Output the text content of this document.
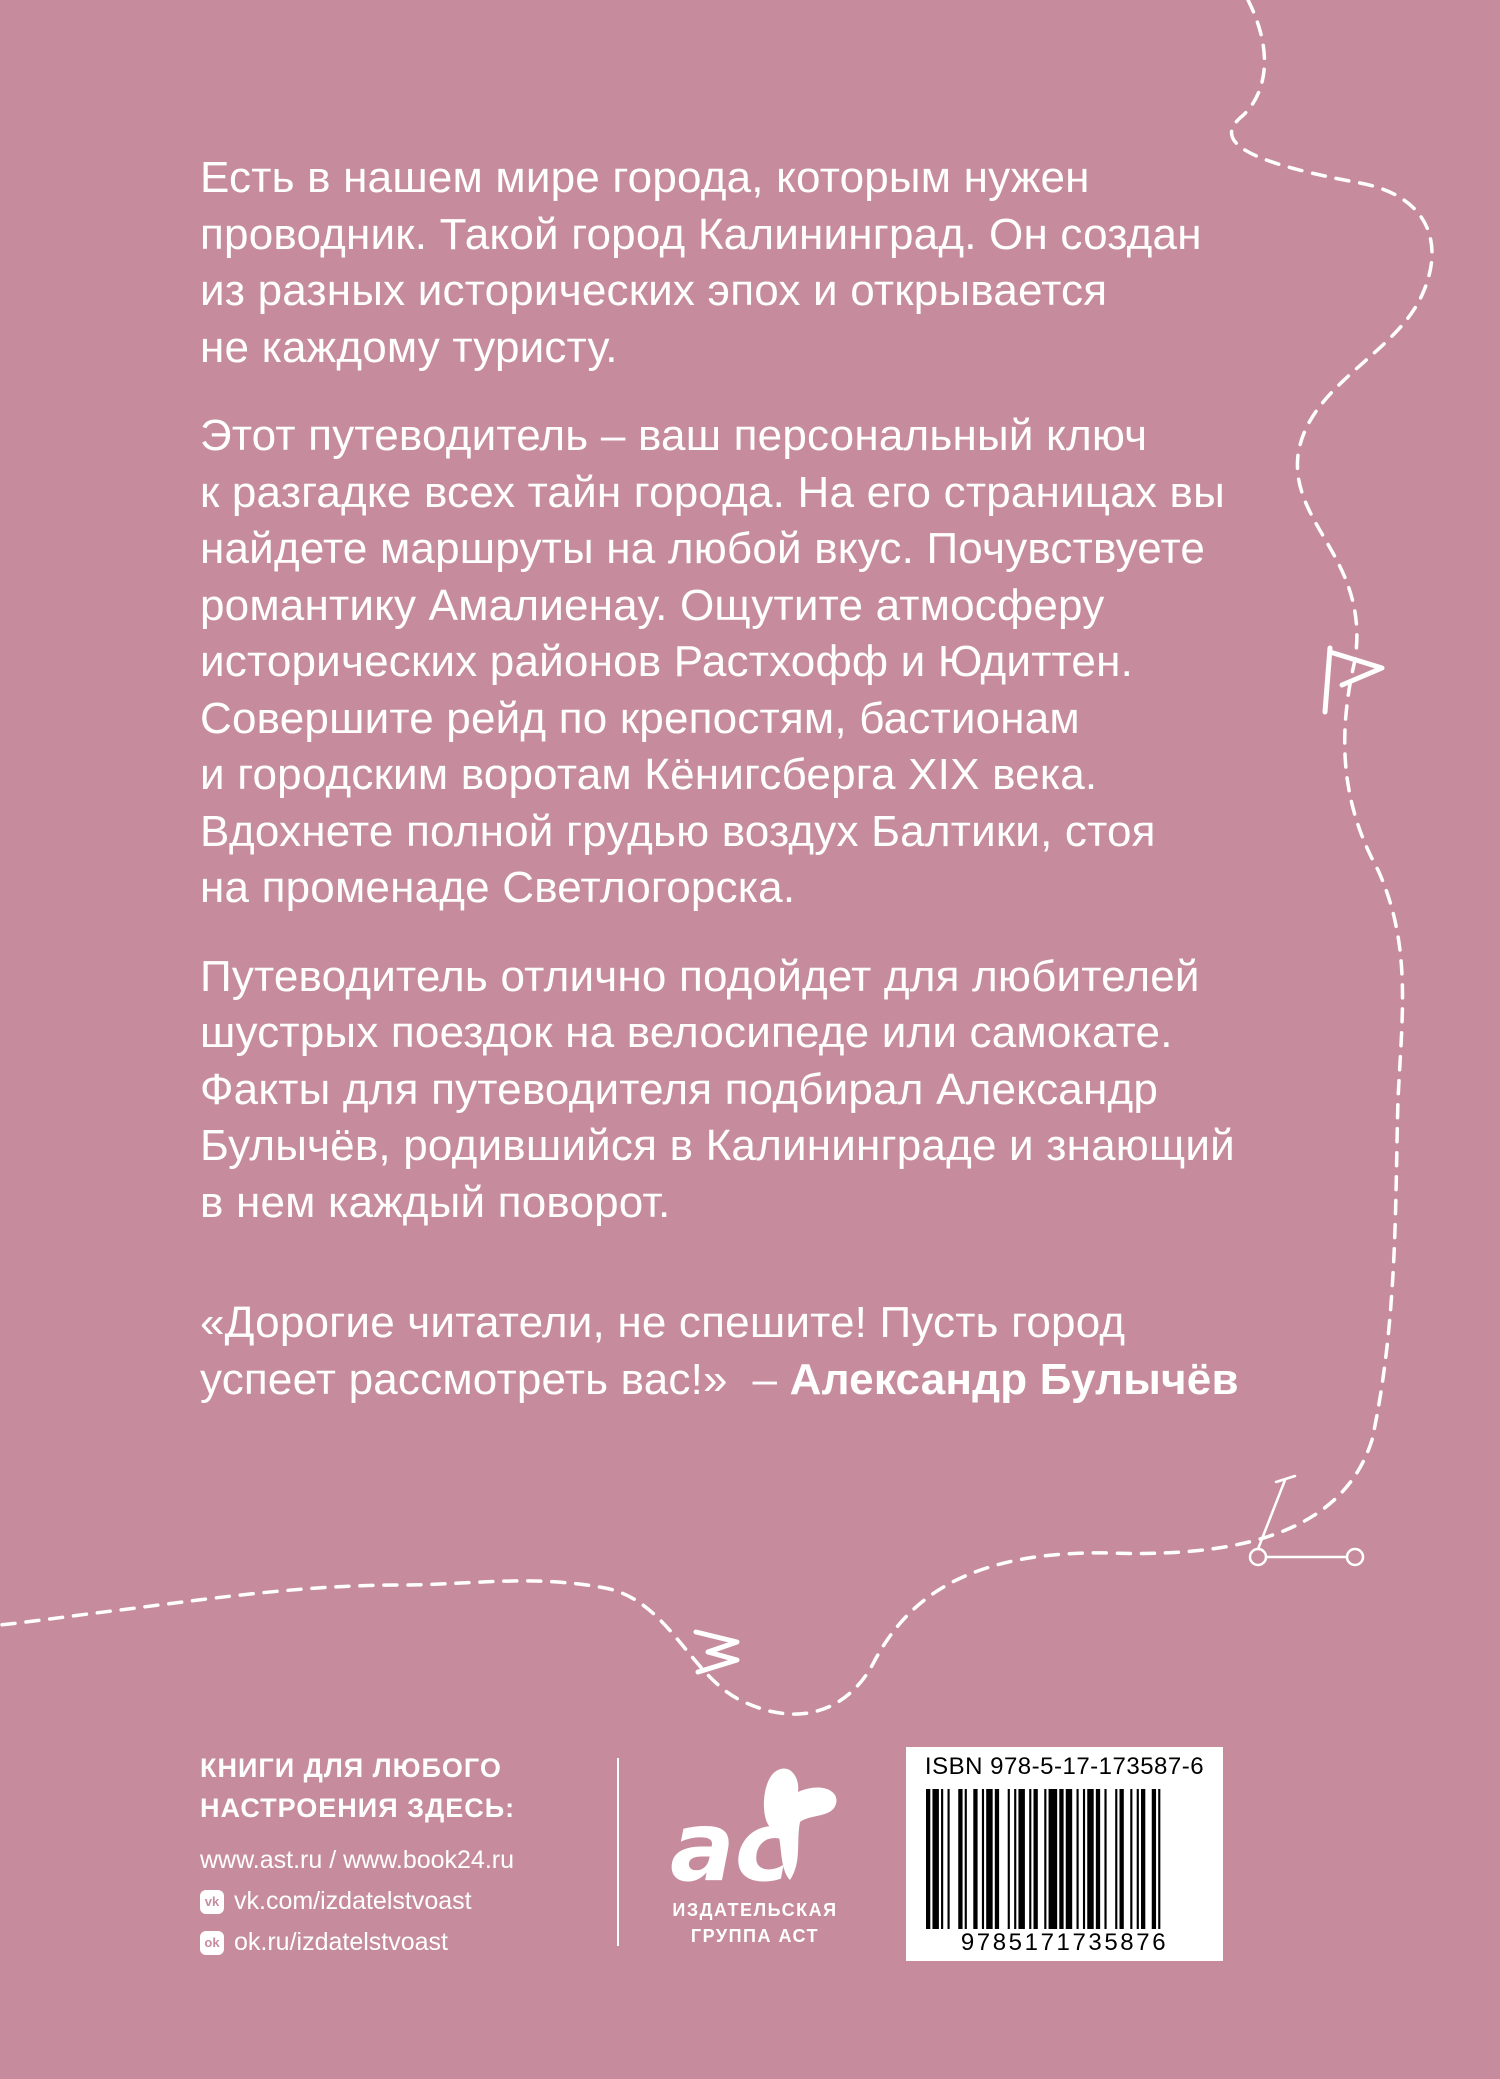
Есть в нашем мире города, которым нужен
проводник. Такой город Калининград. Он создан
из разных исторических эпох и открывается
не каждому туристу.

Этот путеводитель – ваш персональный ключ
к разгадке всех тайн города. На его страницах вы
найдете маршруты на любой вкус. Почувствуете
романтику Амалиенау. Ощутите атмосферу
исторических районов Растхофф и Юдиттен.
Совершите рейд по крепостям, бастионам
и городским воротам Кёнигсберга XIX века.
Вдохнете полной грудью воздух Балтики, стоя
на променаде Светлогорска.

Путеводитель отлично подойдет для любителей
шустрых поездок на велосипеде или самокате.
Факты для путеводителя подбирал Александр
Булычёв, родившийся в Калининграде и знающий
в нем каждый поворот.

«Дорогие читатели, не спешите! Пусть город
успеет рассмотреть вас!»  – Александр Булычёв

КНИГИ ДЛЯ ЛЮБОГО
НАСТРОЕНИЯ ЗДЕСЬ:

www.ast.ru / www.book24.ru
vk vk.com/izdatelstvoast
ok ok.ru/izdatelstvoast
ac
ИЗДАТЕЛЬСКАЯ
ГРУППА АСТ
ISBN 978-5-17-173587-6
9785171735876
